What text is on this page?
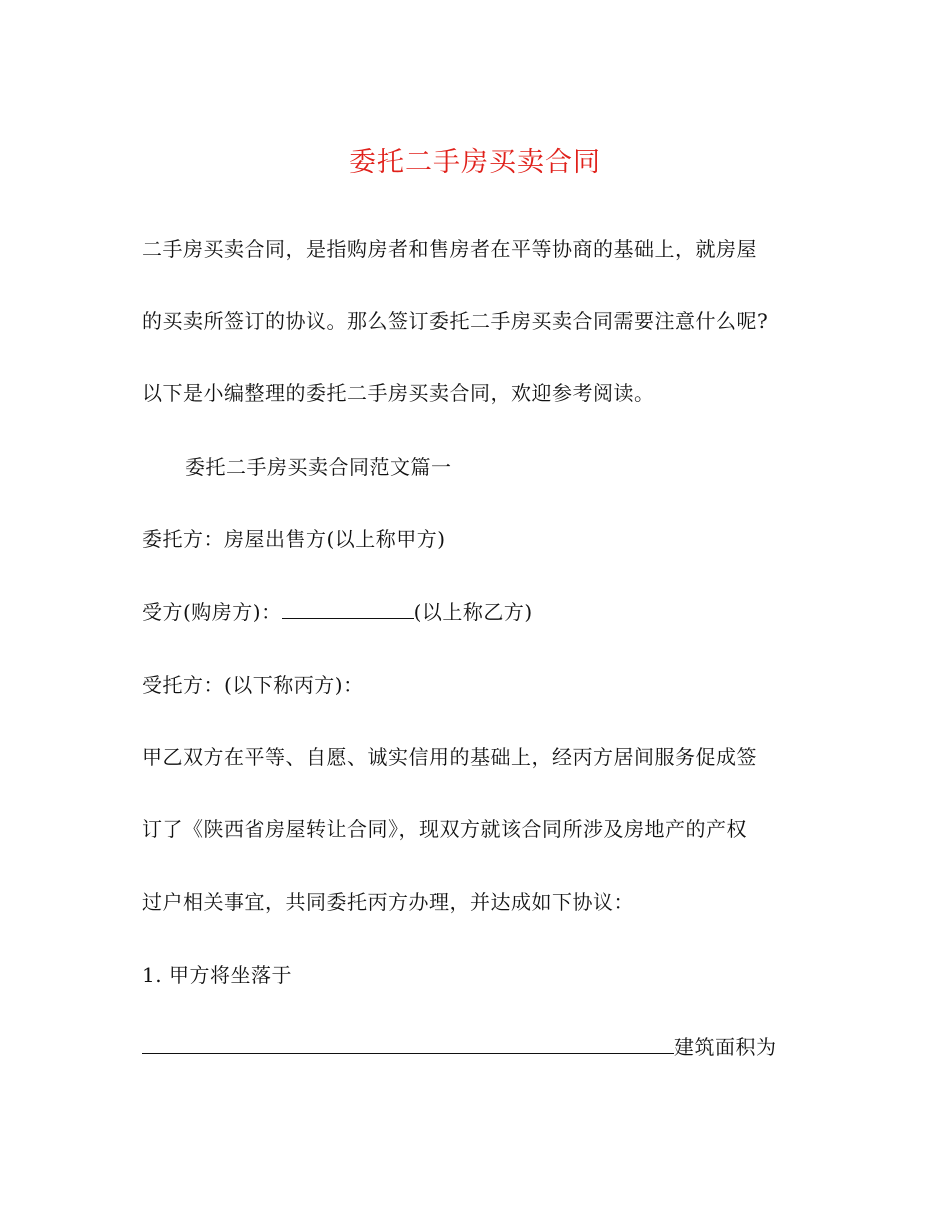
委托二手房买卖合同
二手房买卖合同，是指购房者和售房者在平等协商的基础上，就房屋
的买卖所签订的协议。那么签订委托二手房买卖合同需要注意什么呢?
以下是小编整理的委托二手房买卖合同，欢迎参考阅读。
委托二手房买卖合同范文篇一
委托方：房屋出售方(以上称甲方)
受方(购房方)：	(以上称乙方)
受托方：(以下称丙方)：
甲乙双方在平等、自愿、诚实信用的基础上，经丙方居间服务促成签
订了《陕西省房屋转让合同》，现双方就该合同所涉及房地产的产权
过户相关事宜，共同委托丙方办理，并达成如下协议：
1. 甲方将坐落于
建筑面积为
